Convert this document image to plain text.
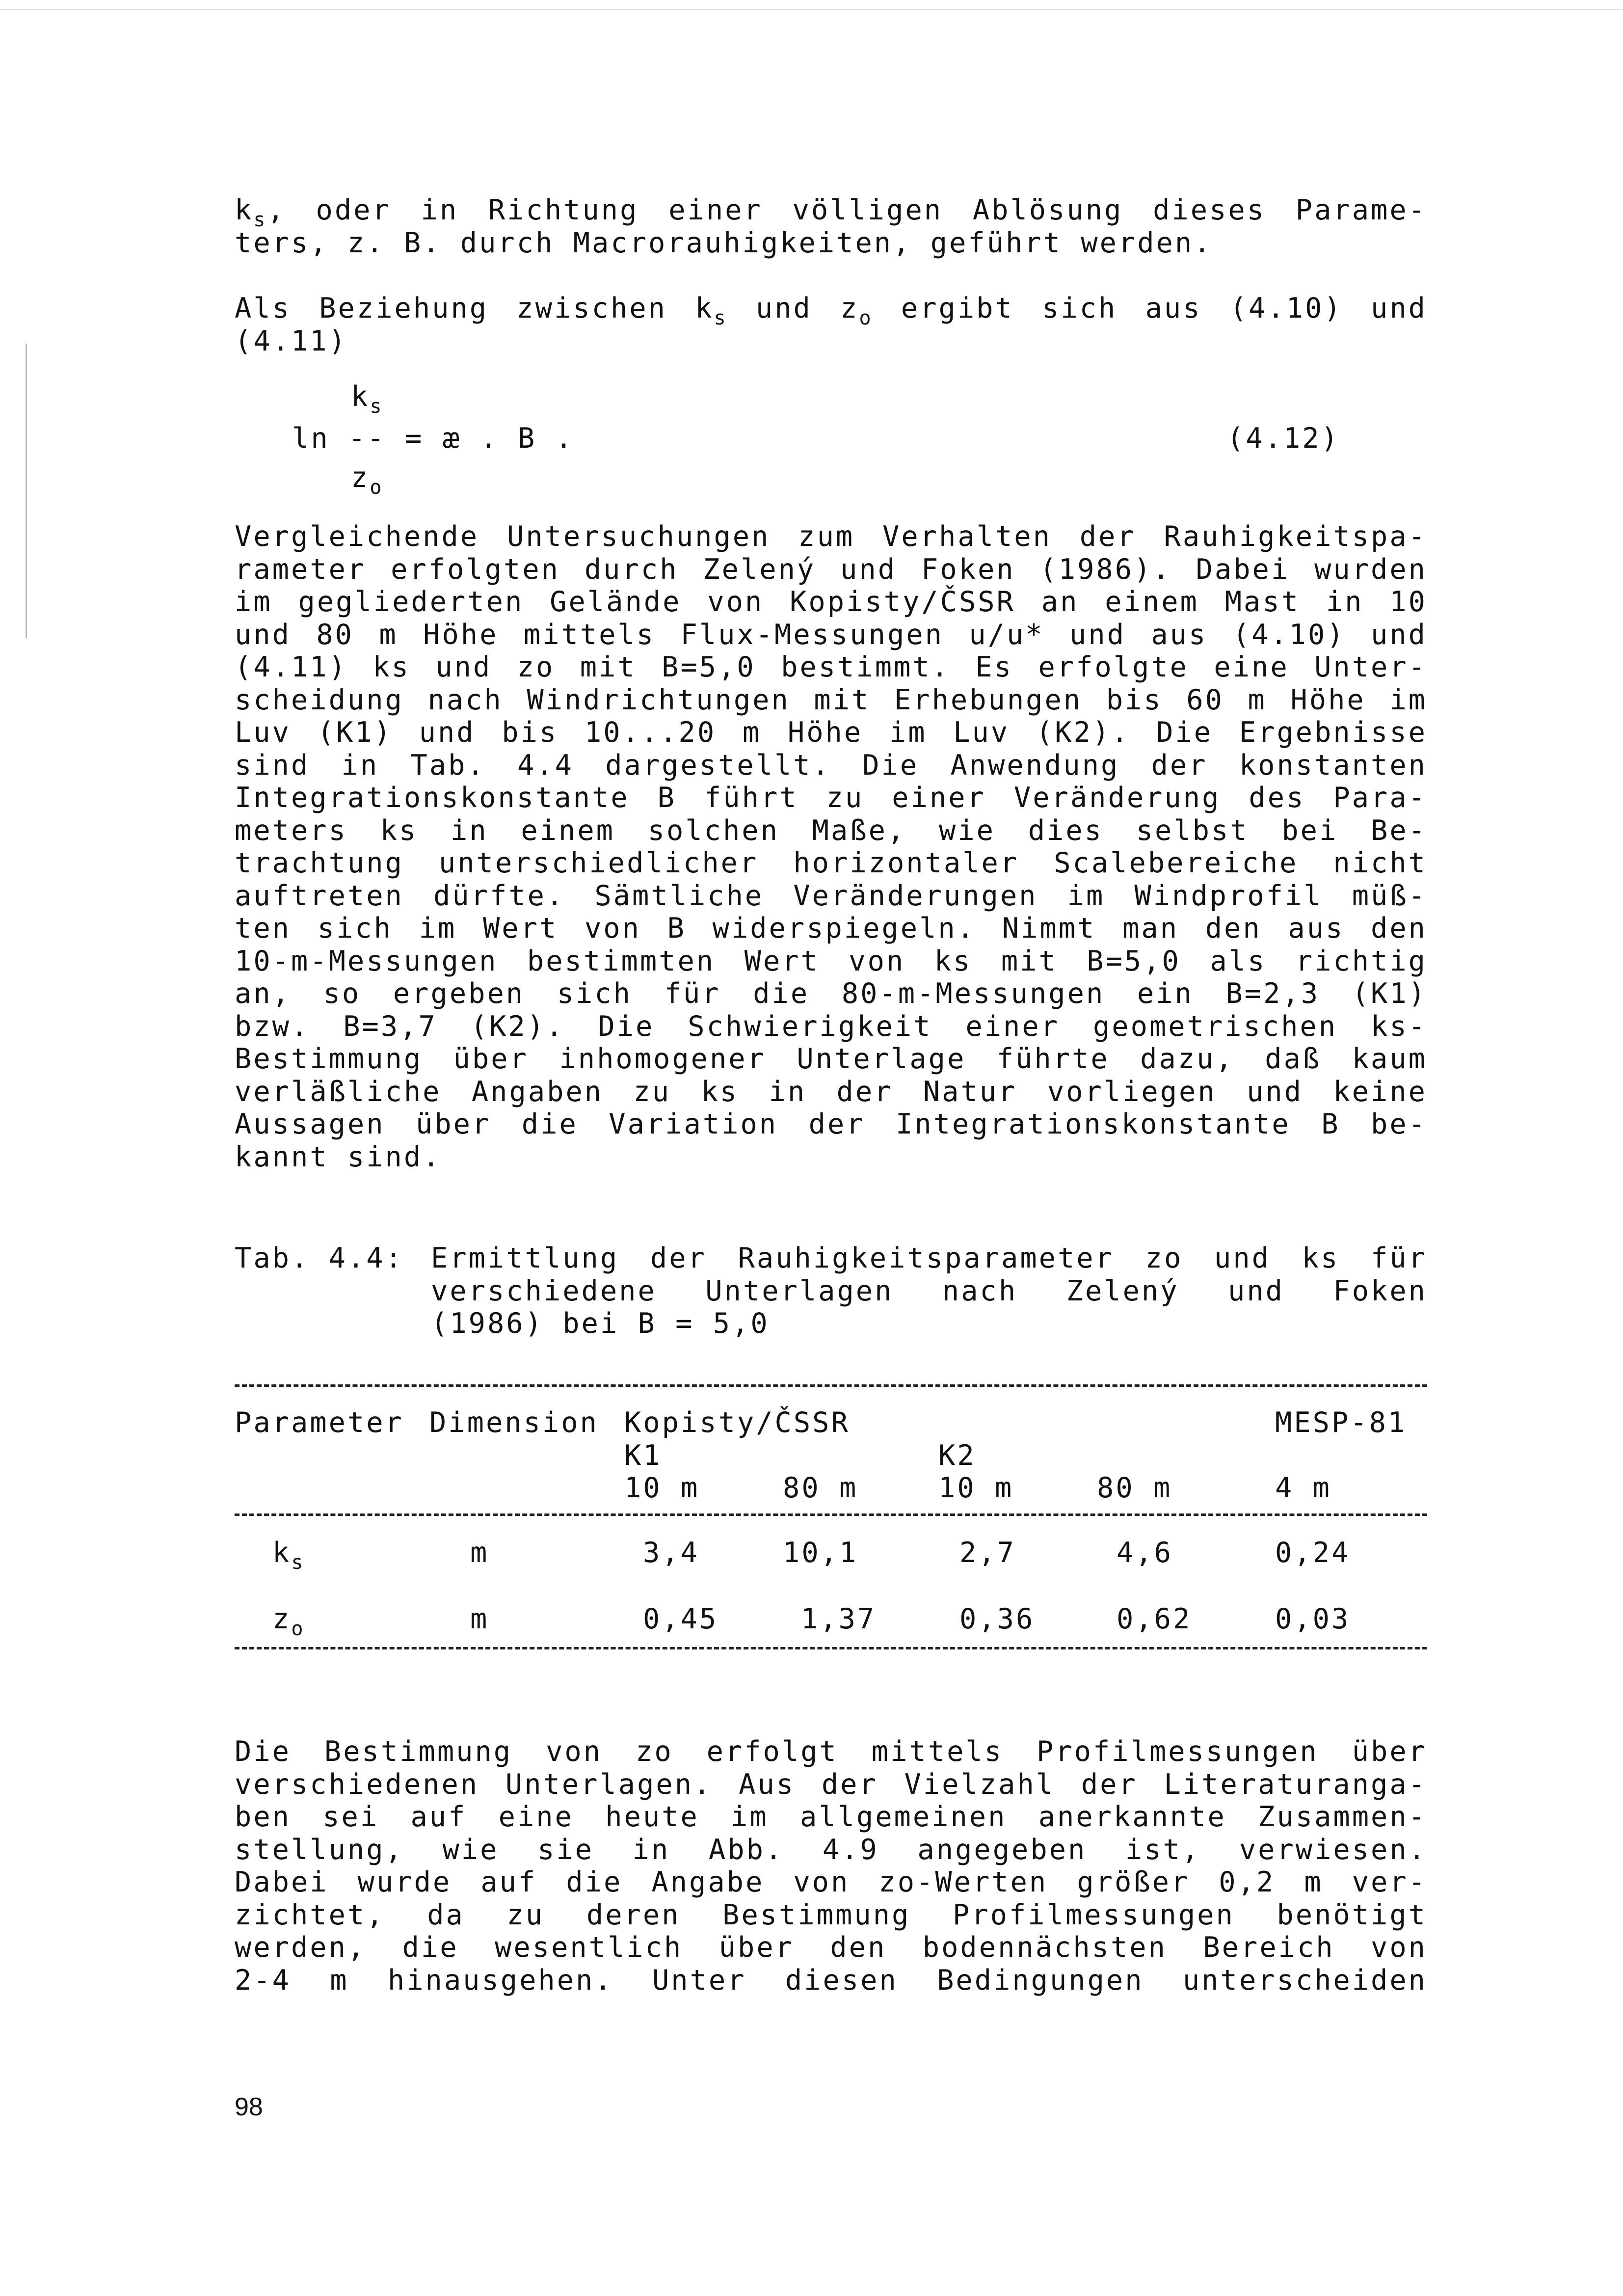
$k_s$, oder in Richtung einer völligen Ablösung dieses Parame-
ters, z. B. durch Macrorauhigkeiten, geführt werden.
Als Beziehung zwischen $k_s$ und $z_o$ ergibt sich aus (4.10) und
(4.11)
$k_s$
ln -- = æ . B .	(4.12)
$z_o$
Vergleichende Untersuchungen zum Verhalten der Rauhigkeitspa-
rameter erfolgten durch Zelený und Foken (1986). Dabei wurden
im gegliederten Gelände von Kopisty/ČSSR an einem Mast in 10
und 80 m Höhe mittels Flux-Messungen u/u* und aus (4.10) und
(4.11) ks und zo mit B=5,0 bestimmt. Es erfolgte eine Unter-
scheidung nach Windrichtungen mit Erhebungen bis 60 m Höhe im
Luv (K1) und bis 10...20 m Höhe im Luv (K2). Die Ergebnisse
sind in Tab. 4.4 dargestellt. Die Anwendung der konstanten
Integrationskonstante B führt zu einer Veränderung des Para-
meters ks in einem solchen Maße, wie dies selbst bei Be-
trachtung unterschiedlicher horizontaler Scalebereiche nicht
auftreten dürfte. Sämtliche Veränderungen im Windprofil müß-
ten sich im Wert von B widerspiegeln. Nimmt man den aus den
10-m-Messungen bestimmten Wert von ks mit B=5,0 als richtig
an, so ergeben sich für die 80-m-Messungen ein B=2,3 (K1)
bzw. B=3,7 (K2). Die Schwierigkeit einer geometrischen ks-
Bestimmung über inhomogener Unterlage führte dazu, daß kaum
verläßliche Angaben zu ks in der Natur vorliegen und keine
Aussagen über die Variation der Integrationskonstante B be-
kannt sind.
Tab. 4.4: Ermittlung der Rauhigkeitsparameter zo und ks für
verschiedene Unterlagen nach Zelený und Foken
(1986) bei B = 5,0
Parameter Dimension Kopisty/ČSSR	MESP-81
K1	K2
10 m	80 m	10 m	80 m	4 m
$k_s$	m	3,4	10,1	2,7	4,6	0,24
$z_o$	m	0,45	1,37	0,36	0,62	0,03
Die Bestimmung von zo erfolgt mittels Profilmessungen über
verschiedenen Unterlagen. Aus der Vielzahl der Literaturanga-
ben sei auf eine heute im allgemeinen anerkannte Zusammen-
stellung, wie sie in Abb. 4.9 angegeben ist, verwiesen.
Dabei wurde auf die Angabe von zo-Werten größer 0,2 m ver-
zichtet, da zu deren Bestimmung Profilmessungen benötigt
werden, die wesentlich über den bodennächsten Bereich von
2-4 m hinausgehen. Unter diesen Bedingungen unterscheiden
98
